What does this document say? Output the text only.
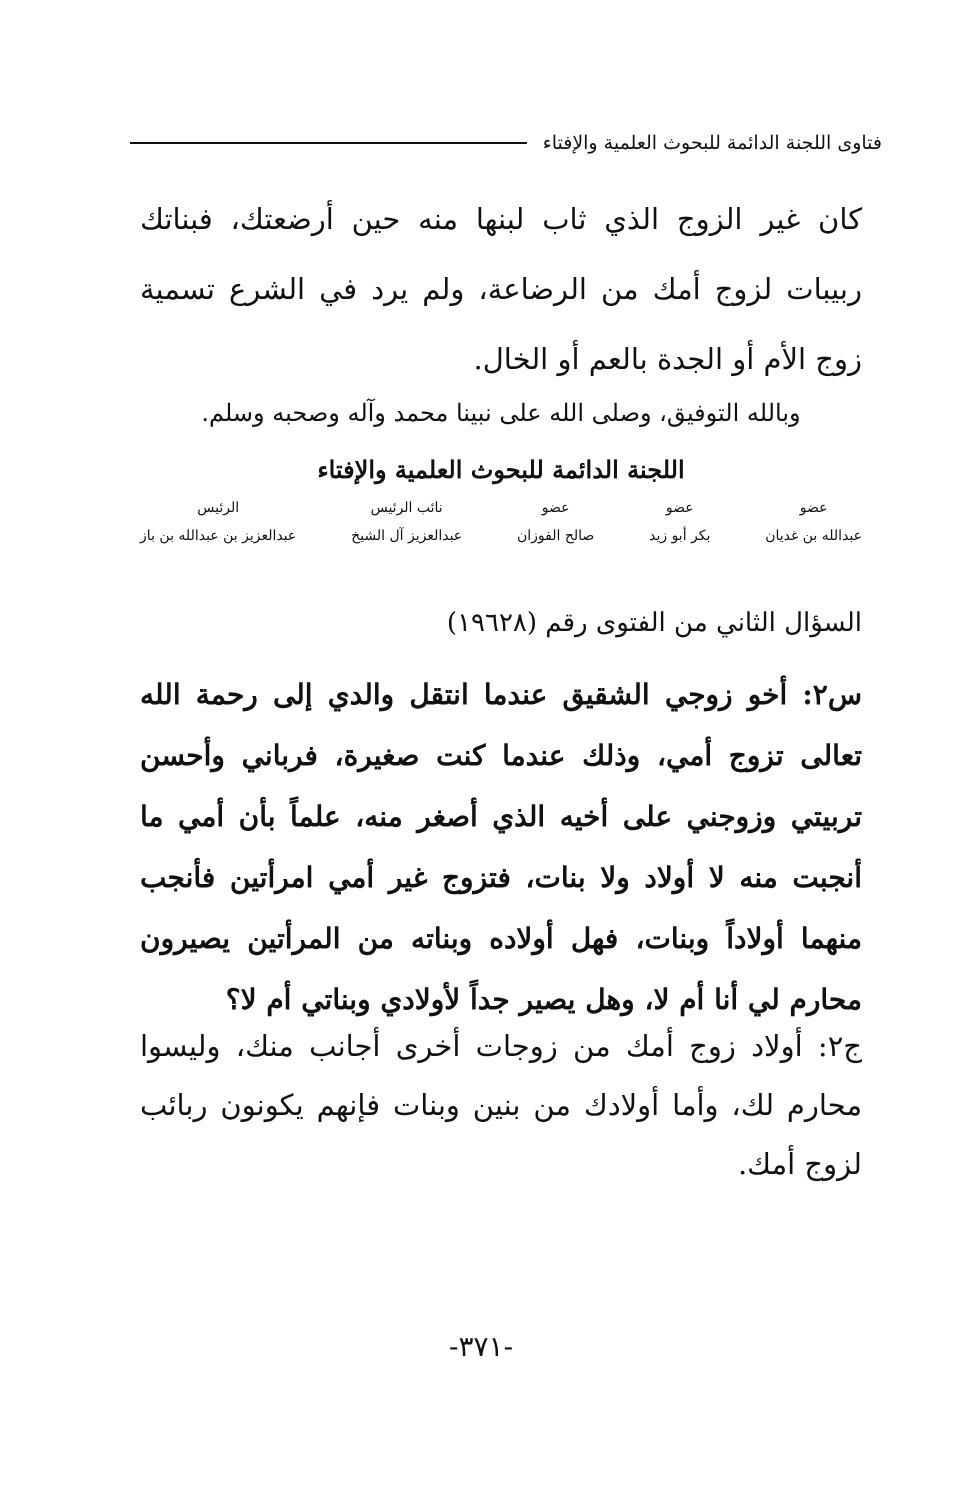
فتاوى اللجنة الدائمة للبحوث العلمية والإفتاء
كان غير الزوج الذي ثاب لبنها منه حين أرضعتك، فبناتك ربيبات لزوج أمك من الرضاعة، ولم يرد في الشرع تسمية زوج الأم أو الجدة بالعم أو الخال.
وبالله التوفيق، وصلى الله على نبينا محمد وآله وصحبه وسلم.
اللجنة الدائمة للبحوث العلمية والإفتاء
عضو
عبدالله بن غديان
عضو
بكر أبو زيد
عضو
صالح الفوزان
نائب الرئيس
عبدالعزيز آل الشيخ
الرئيس
عبدالعزيز بن عبدالله بن باز
السؤال الثاني من الفتوى رقم (١٩٦٢٨)
س٢: أخو زوجي الشقيق عندما انتقل والدي إلى رحمة الله تعالى تزوج أمي، وذلك عندما كنت صغيرة، فرباني وأحسن تربيتي وزوجني على أخيه الذي أصغر منه، علماً بأن أمي ما أنجبت منه لا أولاد ولا بنات، فتزوج غير أمي امرأتين فأنجب منهما أولاداً وبنات، فهل أولاده وبناته من المرأتين يصيرون محارم لي أنا أم لا، وهل يصير جداً لأولادي وبناتي أم لا؟
ج٢: أولاد زوج أمك من زوجات أخرى أجانب منك، وليسوا محارم لك، وأما أولادك من بنين وبنات فإنهم يكونون ربائب لزوج أمك.
-٣٧١-
